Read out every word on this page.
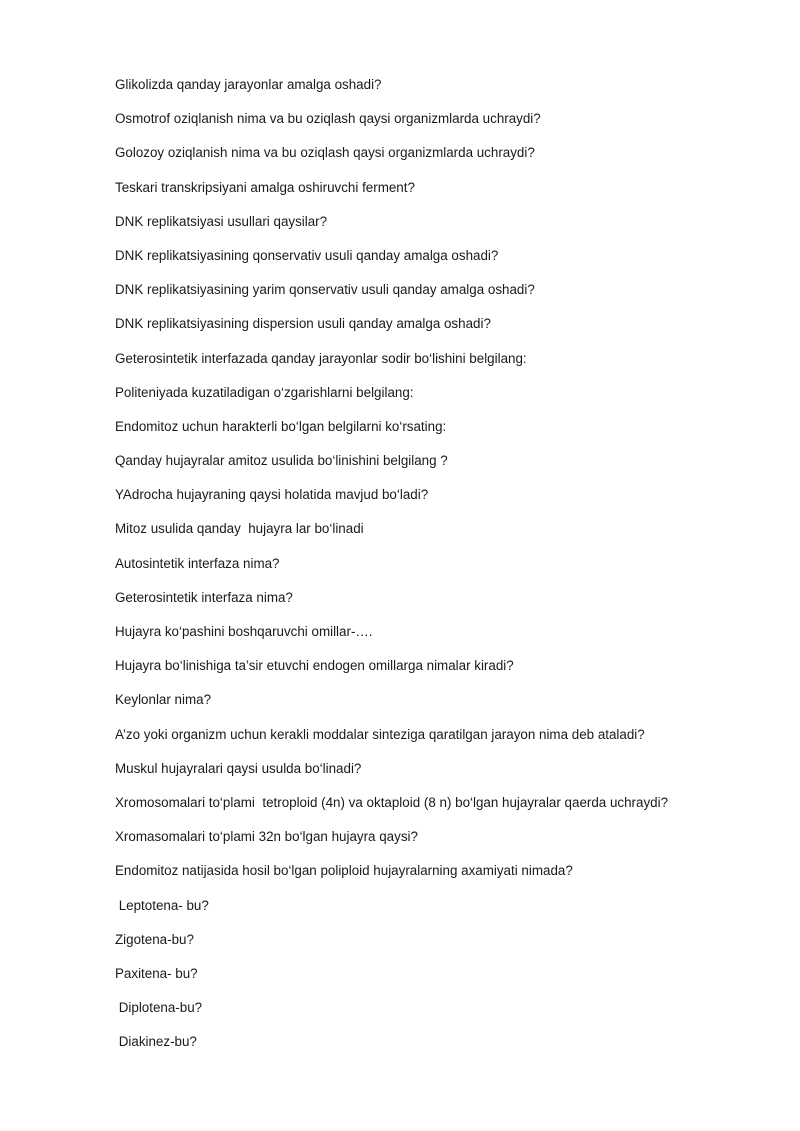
Glikolizda qanday jarayonlar amalga oshadi?
Osmotrof oziqlanish nima va bu oziqlash qaysi organizmlarda uchraydi?
Golozoy oziqlanish nima va bu oziqlash qaysi organizmlarda uchraydi?
Teskari transkripsiyani amalga oshiruvchi ferment?
DNK replikatsiyasi usullari qaysilar?
DNK replikatsiyasining qonservativ usuli qanday amalga oshadi?
DNK replikatsiyasining yarim qonservativ usuli qanday amalga oshadi?
DNK replikatsiyasining dispersion usuli qanday amalga oshadi?
Geterosintetik interfazada qanday jarayonlar sodir bo‘lishini belgilang:
Politeniyada kuzatiladigan o‘zgarishlarni belgilang:
Endomitoz uchun harakterli bo‘lgan belgilarni ko‘rsating:
Qanday hujayralar amitoz usulida bo‘linishini belgilang ?
YAdrocha hujayraning qaysi holatida mavjud bo‘ladi?
Mitoz usulida qanday  hujayra lar bo‘linadi
Autosintetik interfaza nima?
Geterosintetik interfaza nima?
Hujayra ko‘pashini boshqaruvchi omillar-….
Hujayra bo‘linishiga ta’sir etuvchi endogen omillarga nimalar kiradi?
Keylonlar nima?
A’zo yoki organizm uchun kerakli moddalar sinteziga qaratilgan jarayon nima deb ataladi?
Muskul hujayralari qaysi usulda bo‘linadi?
Xromosomalari to‘plami  tetroploid (4n) va oktaploid (8 n) bo‘lgan hujayralar qaerda uchraydi?
Xromasomalari to‘plami 32n bo‘lgan hujayra qaysi?
Endomitoz natijasida hosil bo‘lgan poliploid hujayralarning axamiyati nimada?
Leptotena- bu?
Zigotena-bu?
Paxitena- bu?
Diplotena-bu?
Diakinez-bu?
